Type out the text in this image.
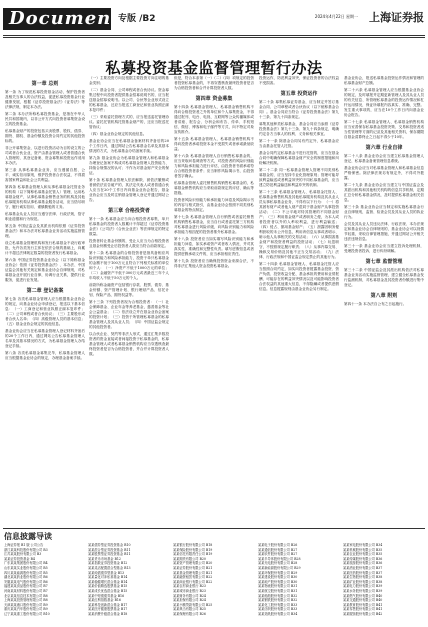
Document
专版 /B2	2024年4月22日 星期一 上海证券报
私募投资基金监督管理暂行办法
第一章 总则

第一条 为了规范私募投资基金活动，保护投资者及相关当事人的合法权益，促进私募投资基金行业健康发展，根据《证券投资基金法》《证券法》等法律法规，制定本办法。

第二条 本办法所称私募投资基金，是指在中华人民共和国境内，以非公开方式向投资者募集资金设立的投资基金。

私募基金财产的投资包括买卖股票、股权、债券、期货、期权、基金份额及投资合同约定的其他投资标的。

非公开募集资金，以进行投资活动为目的设立的公司或者合伙企业，资产由基金管理人或者普通合伙人管理的，其登记备案、资金募集和投资运作适用本办法。

第三条 从事私募基金业务，应当遵循自愿、公平、诚实信用原则，维护投资者合法权益，不得损害国家利益和社会公共利益。

第四条 私募基金管理人和从事私募基金托管业务的机构（以下简称私募基金托管人）管理、运用私募基金财产，从事私募基金销售业务的机构及其他私募服务机构从事私募基金服务活动，应当恪尽职守，履行诚实信用、谨慎勤勉的义务。

私募基金从业人员应当遵守法律、行政法规，恪守职业道德和行为规范。

第五条 中国证监会及其派出机构依照《证券投资基金法》和本办法对私募基金业务活动实施监督管理。

设立私募基金管理机构和发行私募基金不设行政审批，允许各类发行主体在依法合规的基础上，向累计不超过法律规定数量的投资者发行私募基金。

第六条 中国证券投资基金业协会（以下简称基金业协会）依照《证券投资基金法》、本办法、中国证监会其他有关规定和基金业协会自律规则，对私募基金业开展行业自律，协调行业关系，提供行业服务，促进行业发展。

第二章 登记备案

第七条 各类私募基金管理人应当根据基金业协会的规定，向基金业协会申请登记，报送以下基本信息：（一）工商登记和营业执照正副本复印件；（二）公司章程或者合伙协议；（三）主要股东或者合伙人名单；（四）高级管理人员的基本信息；（五）基金业协会规定的其他信息。

基金业协会应当在私募基金管理人登记材料齐备后的20个工作日内，通过网站公告私募基金管理人名单及其基本情况的方式，为私募基金管理人办结登记手续。

第八条 各类私募基金募集完毕，私募基金管理人应当根据基金业协会的规定，办理基金备案手续。

（一）主要投资方向及根据主要投资方向注明的基金类别；

（二）基金合同、公司章程或者合伙协议。资金募集过程中向投资者提供基金招募说明书的，应当报送基金招募说明书。以公司、合伙等企业形式设立的私募基金，还应当报送工商登记和营业执照正副本复印件；

（三）采取委托管理方式的，应当报送委托管理协议。委托托管机构托管基金财产的，还应当报送托管协议；

（四）基金业协会规定的其他信息。

基金业协会应当在私募基金备案材料齐备后的20个工作日内，通过网站公告私募基金名单及其基本情况的方式，为私募基金办结备案手续。

第九条 基金业协会为私募基金管理人和私募基金办理登记备案不构成对私募基金管理人投资能力、持续合规情况的认可；不作为对基金财产安全的保证。

第十条 私募基金管理人依法解散、被依法撤销或者被依法宣告破产的，其法定代表人或者普通合伙人应当在20个工作日内向基金业协会报告，基金业协会应当及时注销基金管理人登记并通过网站公告。

第三章 合格投资者

第十一条 私募基金应当向合格投资者募集，单只私募基金的投资者人数累计不得超过《证券投资基金法》《公司法》《合伙企业法》等法律规定的特定数量。

投资者转让基金份额的，受让人应当为合格投资者且基金份额受让后投资者人数应当符合前款规定。

第十二条 私募基金的合格投资者是指具备相应风险识别能力和风险承担能力，投资于单只私募基金的金额不低于100万元且符合下列相关标准的单位和个人：（一）净资产不低于1000万元的单位；（二）金融资产不低于300万元或者最近三年个人年均收入不低于50万元的个人。

前款所称金融资产包括银行存款、股票、债券、基金份额、资产管理计划、银行理财产品、信托计划、保险产品、期货权益等。

第十三条 下列投资者视为合格投资者：（一）社会保障基金、企业年金等养老基金，慈善基金等社会公益基金；（二）依法设立并在基金业协会备案的投资计划；（三）投资于所管理私募基金的私募基金管理人及其从业人员；（四）中国证监会规定的其他投资者。

以合伙企业、契约等非法人形式，通过汇集多数投资者的资金直接或者间接投资于私募基金的，私募基金管理人或者私募基金销售机构应当穿透核查最终投资者是否为合格投资者，并合并计算投资者人数。

但是，符合本条第（一）（二）（四）项规定的投资者投资私募基金的，不再穿透核查最终投资者是否为合格投资者和合并计算投资者人数。

第四章 资金募集

第十四条 私募基金管理人、私募基金销售机构不得向合格投资者之外的单位和个人募集资金，不得通过报刊、电台、电视、互联网等公众传播媒体或者讲座、报告会、分析会和布告、传单、手机短信、微信、博客和电子邮件等方式，向不特定对象宣传推介。

第十五条 私募基金管理人、私募基金销售机构不得向投资者承诺投资本金不受损失或者承诺最低收益。

第十六条 私募基金管理人自行销售私募基金的，应当采取问卷调查等方式，对投资者的风险识别能力和风险承担能力进行评估，由投资者书面承诺符合合格投资者条件；应当制作风险揭示书，由投资者签字确认。

私募基金管理人委托销售机构销售私募基金的，私募基金销售机构应当采取前款规定的评估、确认等措施。

投资者风险识别能力和承担能力问卷及风险揭示书的内容与格式指引，由基金业协会按照不同类别私募基金的特点制定。

第十七条 私募基金管理人自行销售或者委托销售机构销售私募基金，应当自行或者委托第三方机构对私募基金进行风险评级，向风险识别能力和风险承担能力相匹配的投资者推介私募基金。

第十八条 投资者应当如实填写风险识别能力和承担能力问卷，如实承诺资产或者收入情况，并对其真实性、准确性和完整性负责。填写虚假信息或者提供虚假承诺文件的，应当承担相应责任。

第十九条 投资者应当确保投资资金来源合法，不得非法汇集他人资金投资私募基金。

投资运作，防范利益冲突，保证投资者的合法权益不受损害。

第五章 投资运作

第二十条 募集私募证券基金，应当制定并签订基金合同、公司章程或者合伙协议（以下统称基金合同）。基金合同应当符合《证券投资基金法》第九十三条、第九十四条规定。

募集其他种类私募基金，基金合同应当参照《证券投资基金法》第九十三条、第九十四条规定，明确约定各方当事人的权利、义务和相关事宜。

第二十一条 除基金合同另有约定外，私募基金应当由基金托管人托管。

基金合同约定私募基金不进行托管的，应当在基金合同中明确保障私募基金财产安全的制度措施和纠纷解决机制。

第二十二条 同一私募基金管理人管理不同类别私募基金的，应当坚持专业化管理原则；管理可能导致利益输送或者利益冲突的不同私募基金的，应当建立防范利益输送和利益冲突的机制。

第二十三条 私募基金管理人、私募基金托管人、私募基金销售机构及其他私募服务机构及其从业人员从事私募基金业务，不得有以下行为：（一）将其固有财产或者他人财产混同于基金财产从事投资活动；（二）不公平地对待其管理的不同基金财产；（三）利用基金财产或者职务之便，为本人或者投资者以外的人牟取利益，进行利益输送；（四）侵占、挪用基金财产；（五）泄露因职务便利获取的未公开信息，利用该信息从事或者明示、暗示他人从事相关的交易活动；（六）从事损害基金财产和投资者利益的投资活动；（七）玩忽职守，不按照规定履行职责；（八）从事内幕交易、操纵交易价格及其他不正当交易活动；（九）法律、行政法规和中国证监会规定禁止的其他行为。

第二十四条 私募基金管理人、私募基金托管人应当按照合同约定，如实向投资者披露基金投资、资产负债、投资收益分配、基金承担的费用和业绩报酬、可能存在的利益冲突情况以及可能影响投资者合法权益的其他重大信息，不得隐瞒或者提供虚假信息。信息披露规则由基金业协会另行制定。

基金业协会，报送私募基金投资运作情况和管理的私募基金财产总额。

第二十六条 私募基金管理人应当根据基金业协会的规定，及时填报并定期更新管理人及其从业人员的有关信息、所管理私募基金的投资运作情况和杠杆运用情况，保证所填报内容真实、准确、完整。发生重大事项的，应当在10个工作日内向基金业协会报告。

第二十七条 私募基金管理人、私募基金销售机构应当妥善保存私募基金投资决策、交易和投资者适当性管理等方面的记录及其他相关资料，保存期限自基金清算终止之日起不得少于10年。

第六章 行业自律

第二十八条 基金业协会应当建立私募基金管理人登记、私募基金备案管理信息系统。

基金业协会应当对私募基金管理人和私募基金信息严格保密。除法律法规另有规定外，不得对外披露。

第二十九条 基金业协会应当建立与中国证监会及其派出机构和其他相关机构的信息共享机制，定期汇总分析私募基金情况，及时提供私募基金相关信息。

第三十条 基金业协会应当制定和实施私募基金行业自律规则，监督、检查会员及其从业人员的执业行为。

会员及其从业人员违反法律、行政法规、本办法规定和基金业协会自律规则的，基金业协会可以视情节轻重，采取自律管理措施，并通过网站公开相关违法违规信息。

第三十一条 基金业协会应当建立投诉处理机制，受理投资者投诉，进行纠纷调解。

第七章 监督管理

第三十二条 中国证监会及其派出机构依法对私募基金业务活动实施监督管理，建立健全私募基金发行监测机制，对私募基金及其投资者份额进行集中登记。

第八章 附则

第四十一条 本办法自公布之日起施行。

信息披露导读

上海证券报 B1 版 公司公告

浙江某某科技股份有限公司 B3

江苏某某股份有限公司 B3

某某证券投资基金 B4

广东某某集团股份有限公司 B4

山东某某实业股份有限公司 B5

四川某某能源股份有限公司 B5

湖北某某药业股份有限公司 B6

安徽某某电气股份有限公司 B6

福建某某食品股份有限公司 B7

河南某某材料股份有限公司 B7

北京某某信息技术有限公司 B8

上海某某投资管理有限公司 B8

天津某某港口股份有限公司 B9

重庆某某汽车股份有限公司 B9

辽宁某某重工股份有限公司 B10

某某债券型证券投资基金 B10

某某混合型证券投资基金 B11

某某股票型证券投资基金 B11

某某货币市场基金 B12

某某指数证券投资基金 B12

某某灵活配置混合型基金 B13

某某纯债债券型基金 B13

某某量化对冲私募基金 B14

某某稳健增长混合基金 B14

某某价值精选股票基金 B15

某某成长优选混合基金 B15

某某中短债债券基金 B16

某某红利指数基金 B16

某某科技创新混合基金 B17

某某医疗健康股票基金 B17

某某消费升级混合基金 B18

某某银行股份有限公司 B18

某某保险股份有限公司 B19

某某信托有限责任公司 B19

某某期货有限公司 B20

某某资产管理有限公司 B20

某某证券股份有限公司 B21

某某基金管理有限公司 B21

某某融资租赁有限公司 B22

某某商业银行有限公司 B22

某某农村商业银行 B23

某某城市商业银行 B23

某某财务有限公司 B24

某某担保有限公司 B24

某某小额贷款有限公司 B25

某某典当有限公司 B25

某某保理有限公司 B26

某某电子股份有限公司 B26

某某通信股份有限公司 B27

某某软件股份有限公司 B27

某某半导体股份有限公司 B28

某某光电股份有限公司 B28

某某新能源股份有限公司 B29

某某环保股份有限公司 B29

某某建设股份有限公司 B30

某某地产股份有限公司 B30

某某物流股份有限公司 B31

某某航空股份有限公司 B31

某某船舶股份有限公司 B32

某某钢铁股份有限公司 B32

某某化工股份有限公司 B33

某某纺织股份有限公司 B33

某某造纸股份有限公司 B34

某某家电股份有限公司 B34

某某机械股份有限公司 B35

某某农业股份有限公司 B35

某某传媒股份有限公司 B36

某某旅游股份有限公司 B36

某某酒业股份有限公司 B37

某某医药股份有限公司 B37

某某生物股份有限公司 B38

某某矿业股份有限公司 B38

某某电力股份有限公司 B39

某某水务股份有限公司 B39

某某燃气股份有限公司 B40

某某交通股份有限公司 B40

某某教育股份有限公司 B41

某某零售股份有限公司 B41

某某服饰股份有限公司 B42
